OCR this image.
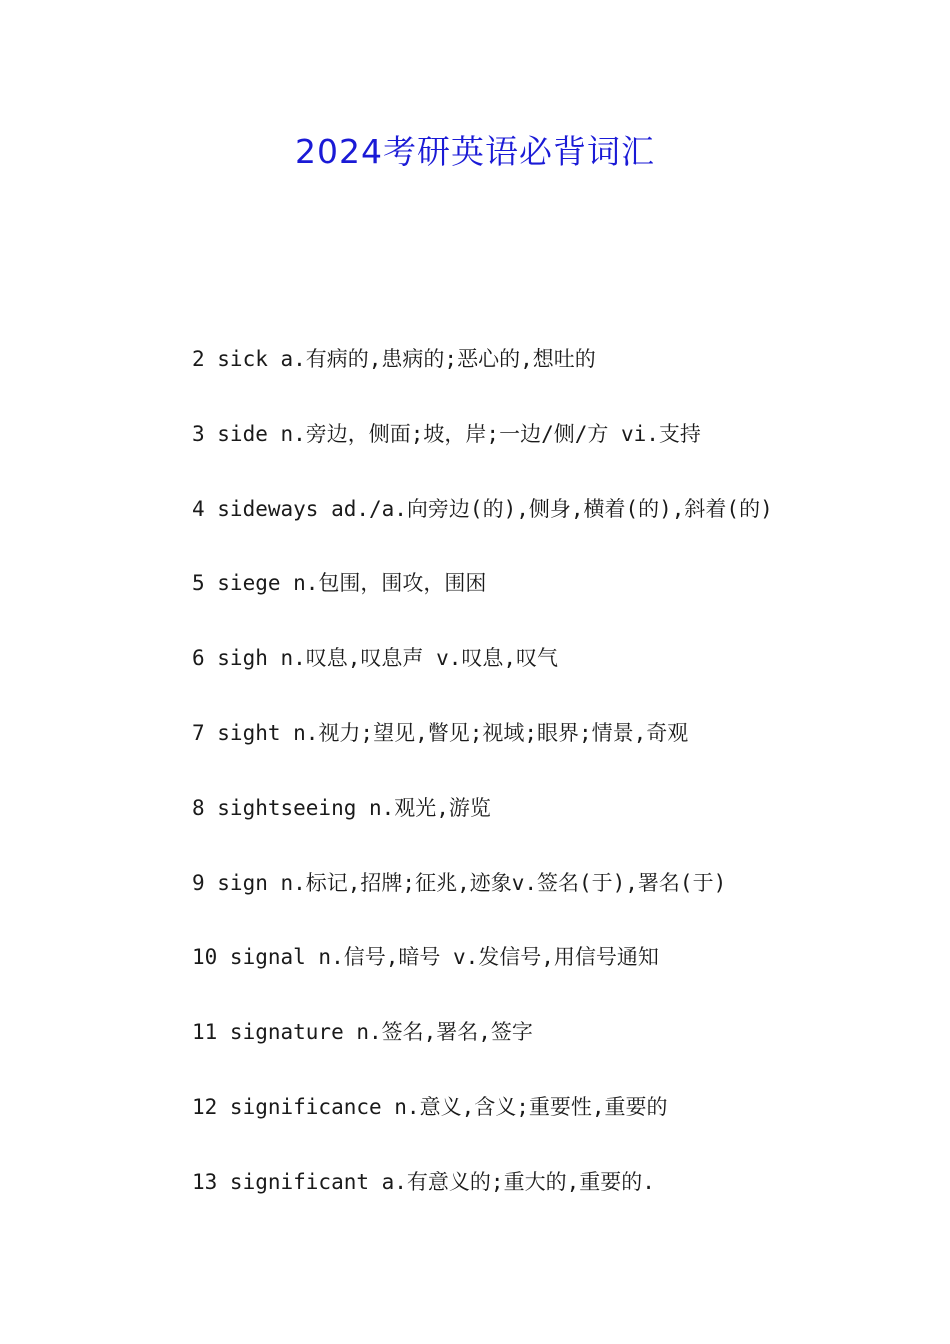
2024考研英语必背词汇
2 sick a.有病的,患病的;恶心的,想吐的
3 side n.旁边，侧面;坡，岸;一边/侧/方 vi.支持
4 sideways ad./a.向旁边(的),侧身,横着(的),斜着(的)
5 siege n.包围，围攻，围困
6 sigh n.叹息,叹息声 v.叹息,叹气
7 sight n.视力;望见,瞥见;视域;眼界;情景,奇观
8 sightseeing n.观光,游览
9 sign n.标记,招牌;征兆,迹象v.签名(于),署名(于)
10 signal n.信号,暗号 v.发信号,用信号通知
11 signature n.签名,署名,签字
12 significance n.意义,含义;重要性,重要的
13 significant a.有意义的;重大的,重要的.
